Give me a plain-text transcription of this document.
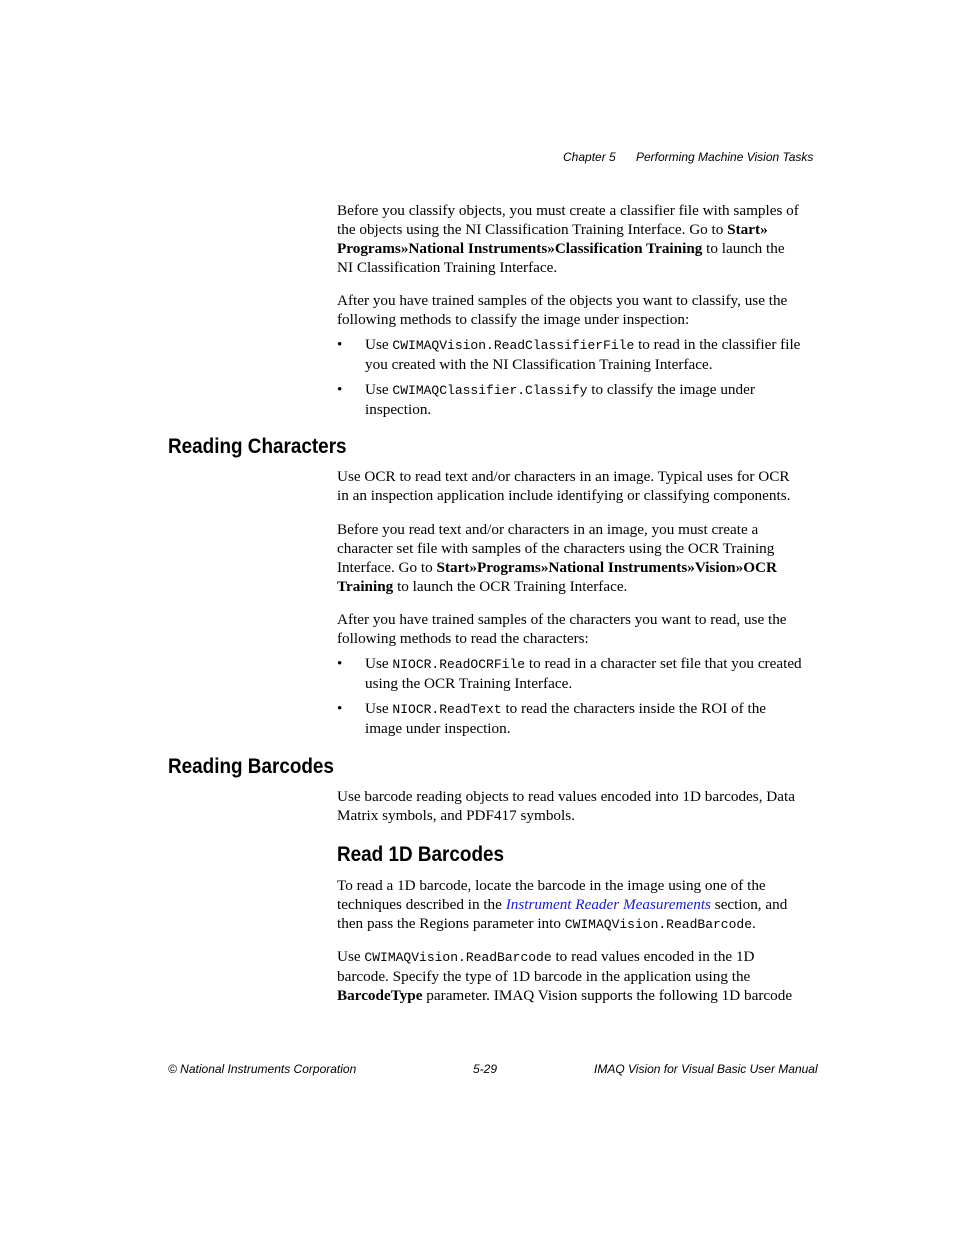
Chapter 5 Performing Machine Vision Tasks

Before you classify objects, you must create a classifier file with samples of the objects using the NI Classification Training Interface. Go to Start» Programs»National Instruments»Classification Training to launch the NI Classification Training Interface.

After you have trained samples of the objects you want to classify, use the following methods to classify the image under inspection:

• Use CWIMAQVision.ReadClassifierFile to read in the classifier file you created with the NI Classification Training Interface.
• Use CWIMAQClassifier.Classify to classify the image under inspection.
Reading Characters

Use OCR to read text and/or characters in an image. Typical uses for OCR in an inspection application include identifying or classifying components.

Before you read text and/or characters in an image, you must create a character set file with samples of the characters using the OCR Training Interface. Go to Start»Programs»National Instruments»Vision»OCR Training to launch the OCR Training Interface.

After you have trained samples of the characters you want to read, use the following methods to read the characters:

• Use NIOCR.ReadOCRFile to read in a character set file that you created using the OCR Training Interface.
• Use NIOCR.ReadText to read the characters inside the ROI of the image under inspection.
Reading Barcodes

Use barcode reading objects to read values encoded into 1D barcodes, Data Matrix symbols, and PDF417 symbols.

Read 1D Barcodes

To read a 1D barcode, locate the barcode in the image using one of the techniques described in the Instrument Reader Measurements section, and then pass the Regions parameter into CWIMAQVision.ReadBarcode.

Use CWIMAQVision.ReadBarcode to read values encoded in the 1D barcode. Specify the type of 1D barcode in the application using the BarcodeType parameter. IMAQ Vision supports the following 1D barcode

© National Instruments Corporation	5-29	IMAQ Vision for Visual Basic User Manual
